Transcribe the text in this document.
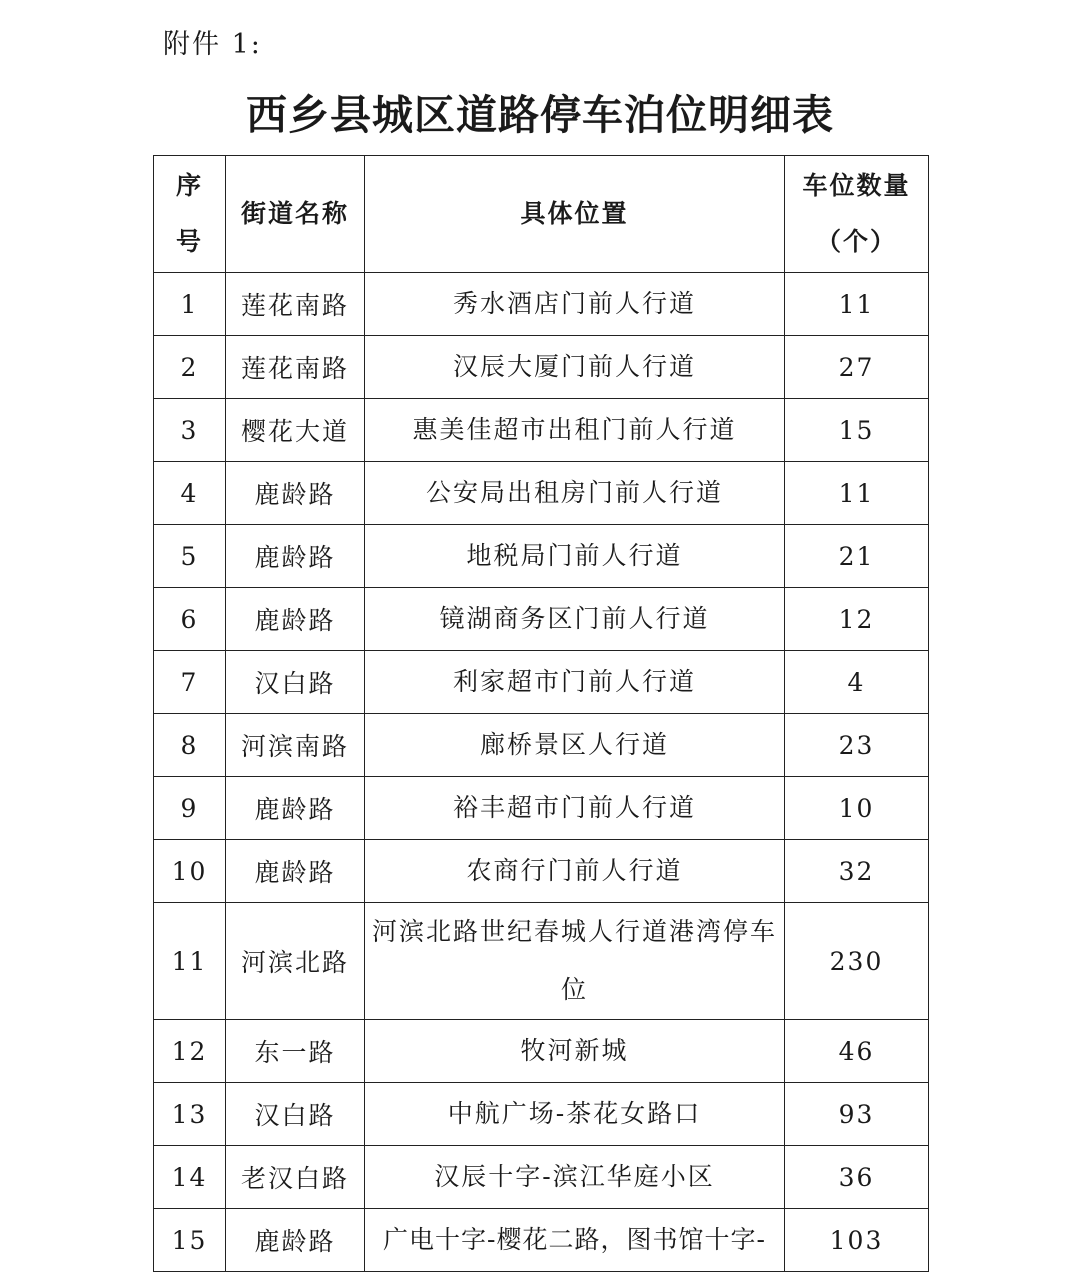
附件 1:
西乡县城区道路停车泊位明细表
序号	街道名称	具体位置	车位数量（个）

1	莲花南路	秀水酒店门前人行道	11
2	莲花南路	汉辰大厦门前人行道	27
3	樱花大道	惠美佳超市出租门前人行道	15
4	鹿龄路	公安局出租房门前人行道	11
5	鹿龄路	地税局门前人行道	21
6	鹿龄路	镜湖商务区门前人行道	12
7	汉白路	利家超市门前人行道	4
8	河滨南路	廊桥景区人行道	23
9	鹿龄路	裕丰超市门前人行道	10
10	鹿龄路	农商行门前人行道	32
11	河滨北路	河滨北路世纪春城人行道港湾停车位	230
12	东一路	牧河新城	46
13	汉白路	中航广场-茶花女路口	93
14	老汉白路	汉辰十字-滨江华庭小区	36
15	鹿龄路	广电十字-樱花二路，图书馆十字-	103
